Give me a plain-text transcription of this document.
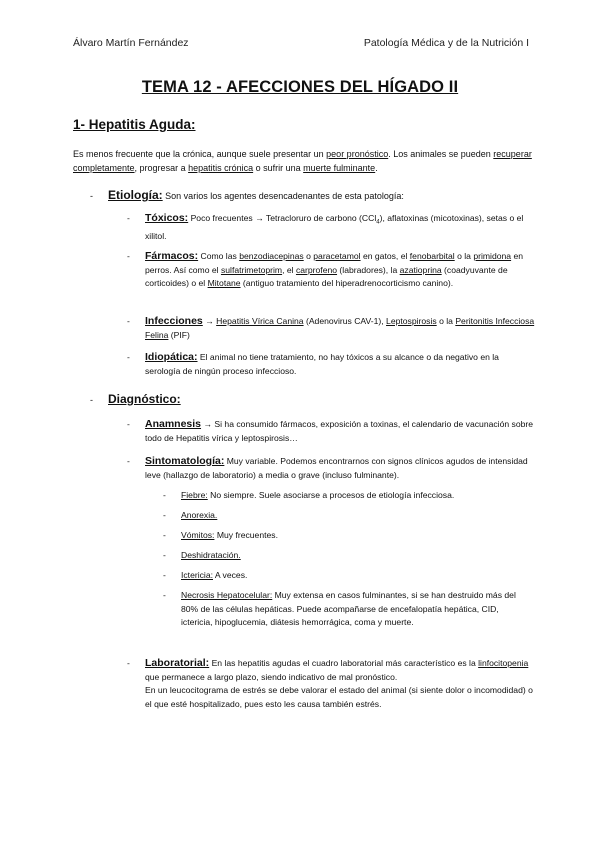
Álvaro Martín Fernández	Patología Médica y de la Nutrición I
TEMA 12 - AFECCIONES DEL HÍGADO II
1- Hepatitis Aguda:
Es menos frecuente que la crónica, aunque suele presentar un peor pronóstico. Los animales se pueden recuperar completamente, progresar a hepatitis crónica o sufrir una muerte fulminante.
- Etiología: Son varios los agentes desencadenantes de esta patología:
- Tóxicos: Poco frecuentes → Tetracloruro de carbono (CCl$_4$), aflatoxinas (micotoxinas), setas o el xilitol.
- Fármacos: Como las benzodiacepinas o paracetamol en gatos, el fenobarbital o la primidona en perros. Así como el sulfatrimetoprim, el carprofeno (labradores), la azatioprina (coadyuvante de corticoides) o el Mitotane (antiguo tratamiento del hiperadrenocorticismo canino).
- Infecciones → Hepatitis Vírica Canina (Adenovirus CAV-1), Leptospirosis o la Peritonitis Infecciosa Felina (PIF)
- Idiopática: El animal no tiene tratamiento, no hay tóxicos a su alcance o da negativo en la serología de ningún proceso infeccioso.
- Diagnóstico:
- Anamnesis → Si ha consumido fármacos, exposición a toxinas, el calendario de vacunación sobre todo de Hepatitis vírica y leptospirosis…
- Sintomatología: Muy variable. Podemos encontrarnos con signos clínicos agudos de intensidad leve (hallazgo de laboratorio) a media o grave (incluso fulminante).
- Fiebre: No siempre. Suele asociarse a procesos de etiología infecciosa.
- Anorexia.
- Vómitos: Muy frecuentes.
- Deshidratación.
- Ictericia: A veces.
- Necrosis Hepatocelular: Muy extensa en casos fulminantes, si se han destruido más del 80% de las células hepáticas. Puede acompañarse de encefalopatía hepática, CID, ictericia, hipoglucemia, diátesis hemorrágica, coma y muerte.
- Laboratorial: En las hepatitis agudas el cuadro laboratorial más característico es la linfocitopenia que permanece a largo plazo, siendo indicativo de mal pronóstico.
En un leucocitograma de estrés se debe valorar el estado del animal (si siente dolor o incomodidad) o el que esté hospitalizado, pues esto les causa también estrés.
